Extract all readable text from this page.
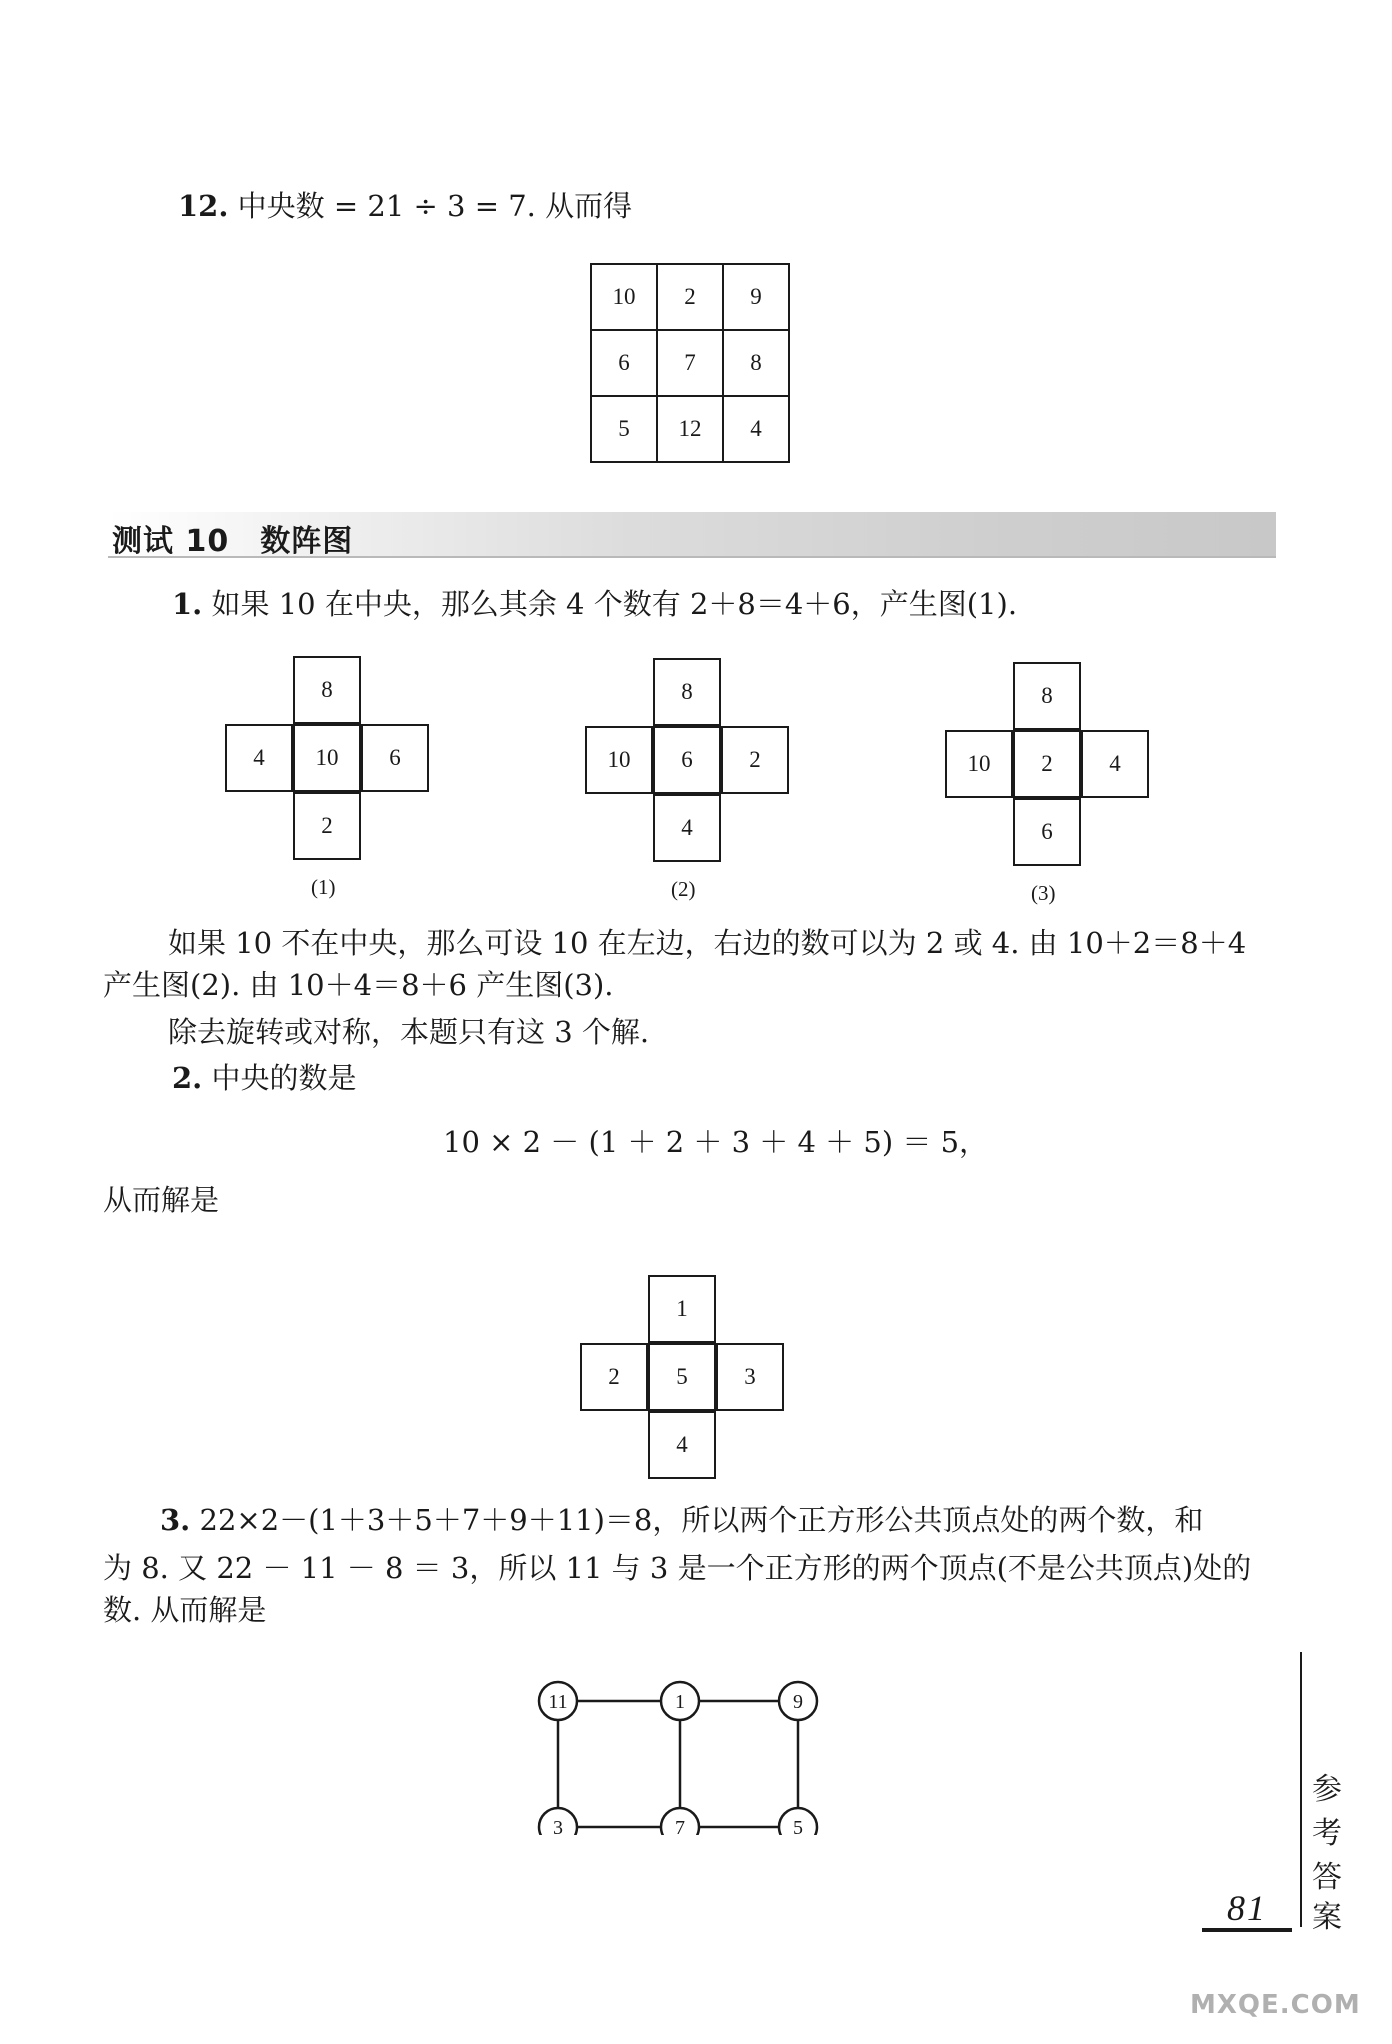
12. 中央数 = 21 ÷ 3 = 7. 从而得
10	2	9
6	7	8
5	12	4
测试 10　数阵图
1. 如果 10 在中央，那么其余 4 个数有 2＋8＝4＋6，产生图(1).
8
4	10	6
2
(1)
8
10	6	2
4
(2)
8
10	2	4
6
(3)
如果 10 不在中央，那么可设 10 在左边，右边的数可以为 2 或 4. 由 10＋2＝8＋4
产生图(2). 由 10＋4＝8＋6 产生图(3).
除去旋转或对称，本题只有这 3 个解.
2. 中央的数是
10 × 2 － (1 ＋ 2 ＋ 3 ＋ 4 ＋ 5) ＝ 5，
从而解是
1
2	5	3
4
3. 22×2－(1＋3＋5＋7＋9＋11)＝8，所以两个正方形公共顶点处的两个数，和
为 8. 又 22 － 11 － 8 ＝ 3，所以 11 与 3 是一个正方形的两个顶点(不是公共顶点)处的
数. 从而解是
11	1	9
3	7	5
参
考
答
案
81
MXQE.COM
